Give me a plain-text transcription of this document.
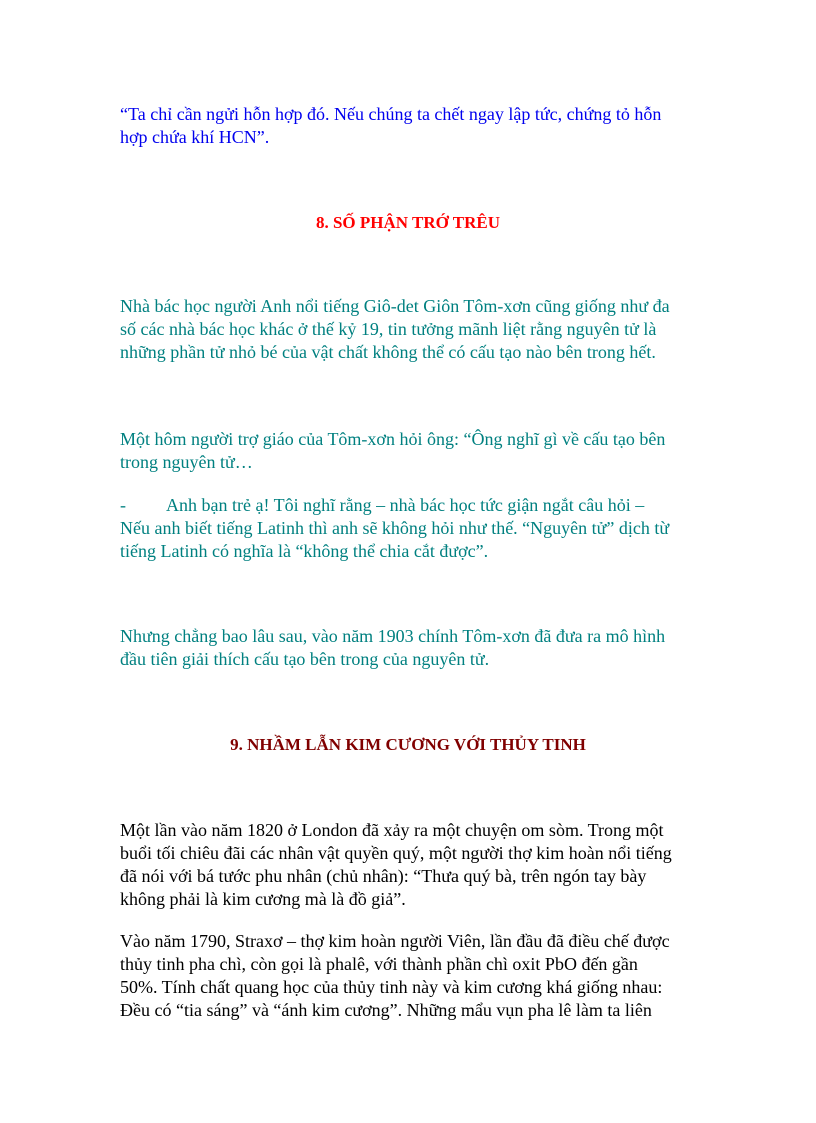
“Ta chỉ cần ngửi hỗn hợp đó. Nếu chúng ta chết ngay lập tức, chứng tỏ hỗn
hợp chứa khí HCN”.

8. SỐ PHẬN TRỚ TRÊU

Nhà bác học người Anh nổi tiếng Giô-det Giôn Tôm-xơn cũng giống như đa
số các nhà bác học khác ở thế kỷ 19, tin tưởng mãnh liệt rằng nguyên tử là
những phần tử nhỏ bé của vật chất không thể có cấu tạo nào bên trong hết.

Một hôm người trợ giáo của Tôm-xơn hỏi ông: “Ông nghĩ gì về cấu tạo bên
trong nguyên tử…

- Anh bạn trẻ ạ! Tôi nghĩ rằng – nhà bác học tức giận ngắt câu hỏi –
Nếu anh biết tiếng Latinh thì anh sẽ không hỏi như thế. “Nguyên tử” dịch từ
tiếng Latinh có nghĩa là “không thể chia cắt được”.

Nhưng chẳng bao lâu sau, vào năm 1903 chính Tôm-xơn đã đưa ra mô hình
đầu tiên giải thích cấu tạo bên trong của nguyên tử.

9. NHẦM LẪN KIM CƯƠNG VỚI THỦY TINH

Một lần vào năm 1820 ở London đã xảy ra một chuyện om sòm. Trong một
buổi tối chiêu đãi các nhân vật quyền quý, một người thợ kim hoàn nổi tiếng
đã nói với bá tước phu nhân (chủ nhân): “Thưa quý bà, trên ngón tay bày
không phải là kim cương mà là đồ giả”.

Vào năm 1790, Straxơ – thợ kim hoàn người Viên, lần đầu đã điều chế được
thủy tinh pha chì, còn gọi là phalê, với thành phần chì oxit PbO đến gần
50%. Tính chất quang học của thủy tinh này và kim cương khá giống nhau:
Đều có “tia sáng” và “ánh kim cương”. Những mẩu vụn pha lê làm ta liên
